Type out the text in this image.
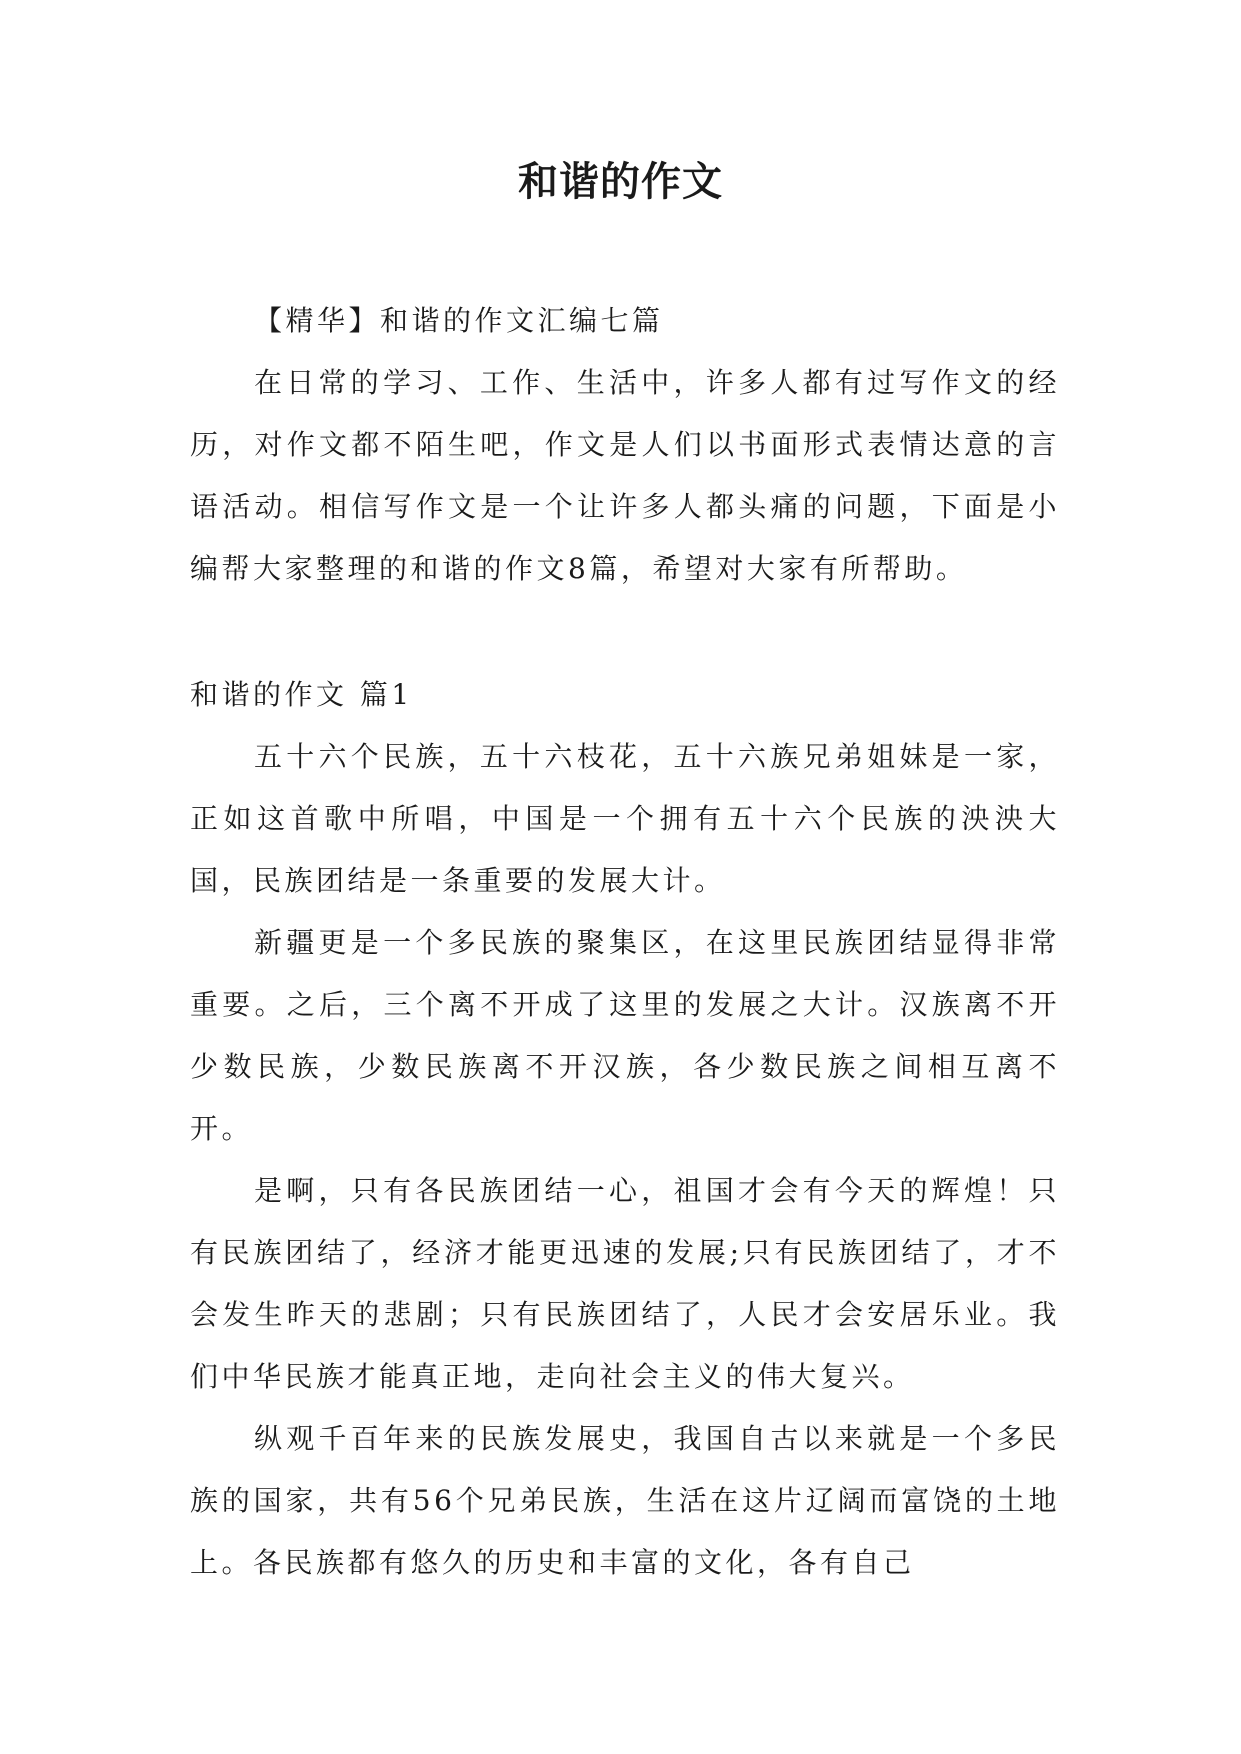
和谐的作文

【精华】和谐的作文汇编七篇

在日常的学习、工作、生活中，许多人都有过写作文的经历，对作文都不陌生吧，作文是人们以书面形式表情达意的言语活动。相信写作文是一个让许多人都头痛的问题，下面是小编帮大家整理的和谐的作文8篇，希望对大家有所帮助。

和谐的作文 篇1

五十六个民族，五十六枝花，五十六族兄弟姐妹是一家，正如这首歌中所唱，中国是一个拥有五十六个民族的泱泱大国，民族团结是一条重要的发展大计。

新疆更是一个多民族的聚集区，在这里民族团结显得非常重要。之后，三个离不开成了这里的发展之大计。汉族离不开少数民族，少数民族离不开汉族，各少数民族之间相互离不开。

是啊，只有各民族团结一心，祖国才会有今天的辉煌！只有民族团结了，经济才能更迅速的发展;只有民族团结了，才不会发生昨天的悲剧；只有民族团结了，人民才会安居乐业。我们中华民族才能真正地，走向社会主义的伟大复兴。

纵观千百年来的民族发展史，我国自古以来就是一个多民族的国家，共有56个兄弟民族，生活在这片辽阔而富饶的土地上。各民族都有悠久的历史和丰富的文化，各有自己
